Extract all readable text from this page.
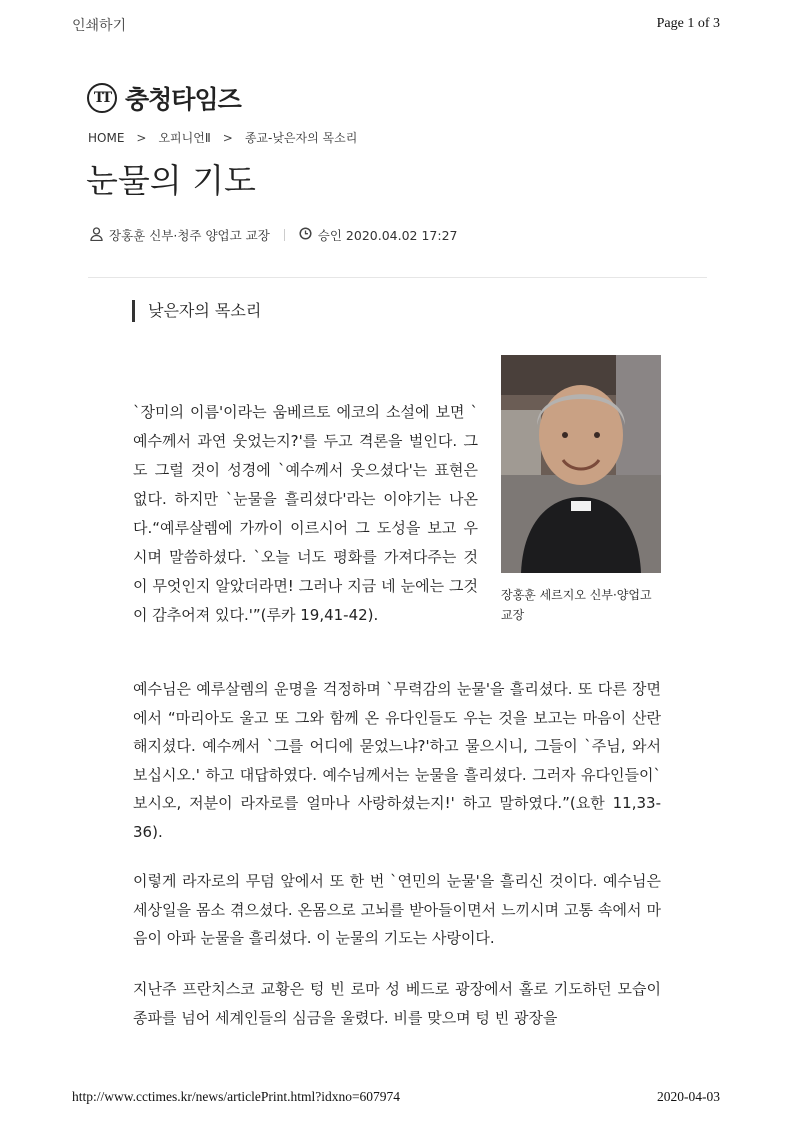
인쇄하기	Page 1 of 3
TT 충청타임즈
HOME > 오피니언Ⅱ > 종교-낮은자의 목소리
눈물의 기도
장홍훈 신부·청주 양업고 교장	승인 2020.04.02 17:27
낮은자의 목소리
장홍훈 세르지오 신부·양업고 교장

`장미의 이름'이라는 움베르토 에코의 소설에 보면 `예수께서 과연 웃었는지?'를 두고 격론을 벌인다. 그도 그럴 것이 성경에 `예수께서 웃으셨다'는 표현은 없다. 하지만 `눈물을 흘리셨다'라는 이야기는 나온다.“예루살렘에 가까이 이르시어 그 도성을 보고 우시며 말씀하셨다. `오늘 너도 평화를 가져다주는 것이 무엇인지 알았더라면! 그러나 지금 네 눈에는 그것이 감추어져 있다.'”(루카 19,41-42).

예수님은 예루살렘의 운명을 걱정하며 `무력감의 눈물'을 흘리셨다. 또 다른 장면에서 “마리아도 울고 또 그와 함께 온 유다인들도 우는 것을 보고는 마음이 산란해지셨다. 예수께서 `그를 어디에 묻었느냐?'하고 물으시니, 그들이 `주님, 와서 보십시오.' 하고 대답하였다. 예수님께서는 눈물을 흘리셨다. 그러자 유다인들이`보시오, 저분이 라자로를 얼마나 사랑하셨는지!' 하고 말하였다.”(요한 11,33-36).

이렇게 라자로의 무덤 앞에서 또 한 번 `연민의 눈물'을 흘리신 것이다. 예수님은 세상일을 몸소 겪으셨다. 온몸으로 고뇌를 받아들이면서 느끼시며 고통 속에서 마음이 아파 눈물을 흘리셨다. 이 눈물의 기도는 사랑이다.

지난주 프란치스코 교황은 텅 빈 로마 성 베드로 광장에서 홀로 기도하던 모습이 종파를 넘어 세계인들의 심금을 울렸다. 비를 맞으며 텅 빈 광장을

http://www.cctimes.kr/news/articlePrint.html?idxno=607974	2020-04-03
